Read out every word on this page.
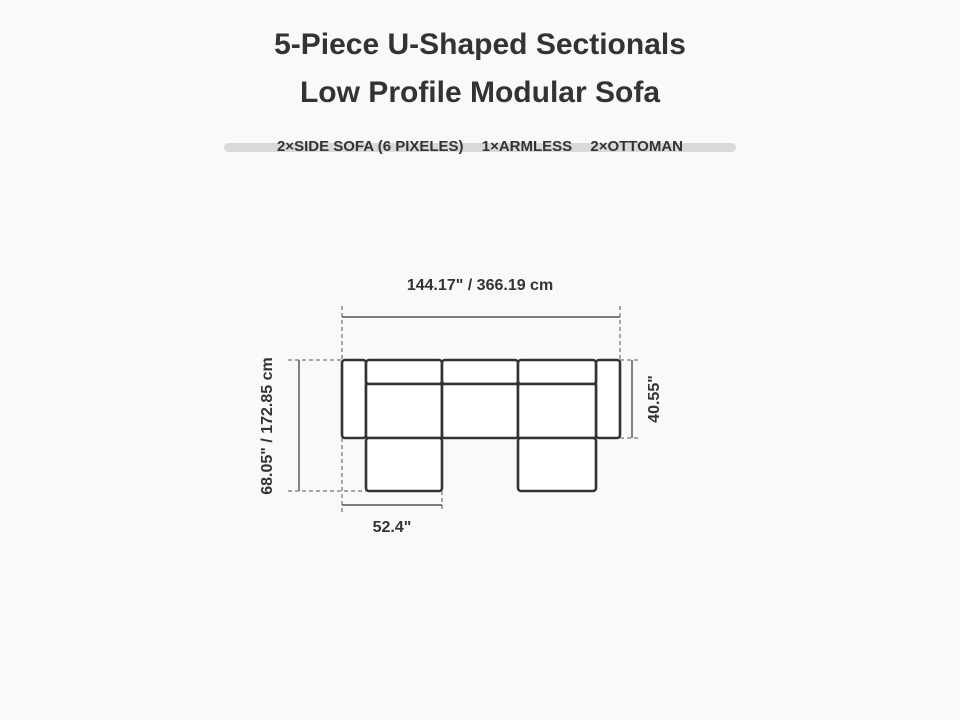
5-Piece U-Shaped Sectionals
Low Profile Modular Sofa
2×SIDE SOFA (6 PIXELES) 1×ARMLESS 2×OTTOMAN
144.17" / 366.19 cm
68.05" / 172.85 cm	40.55"
52.4"
